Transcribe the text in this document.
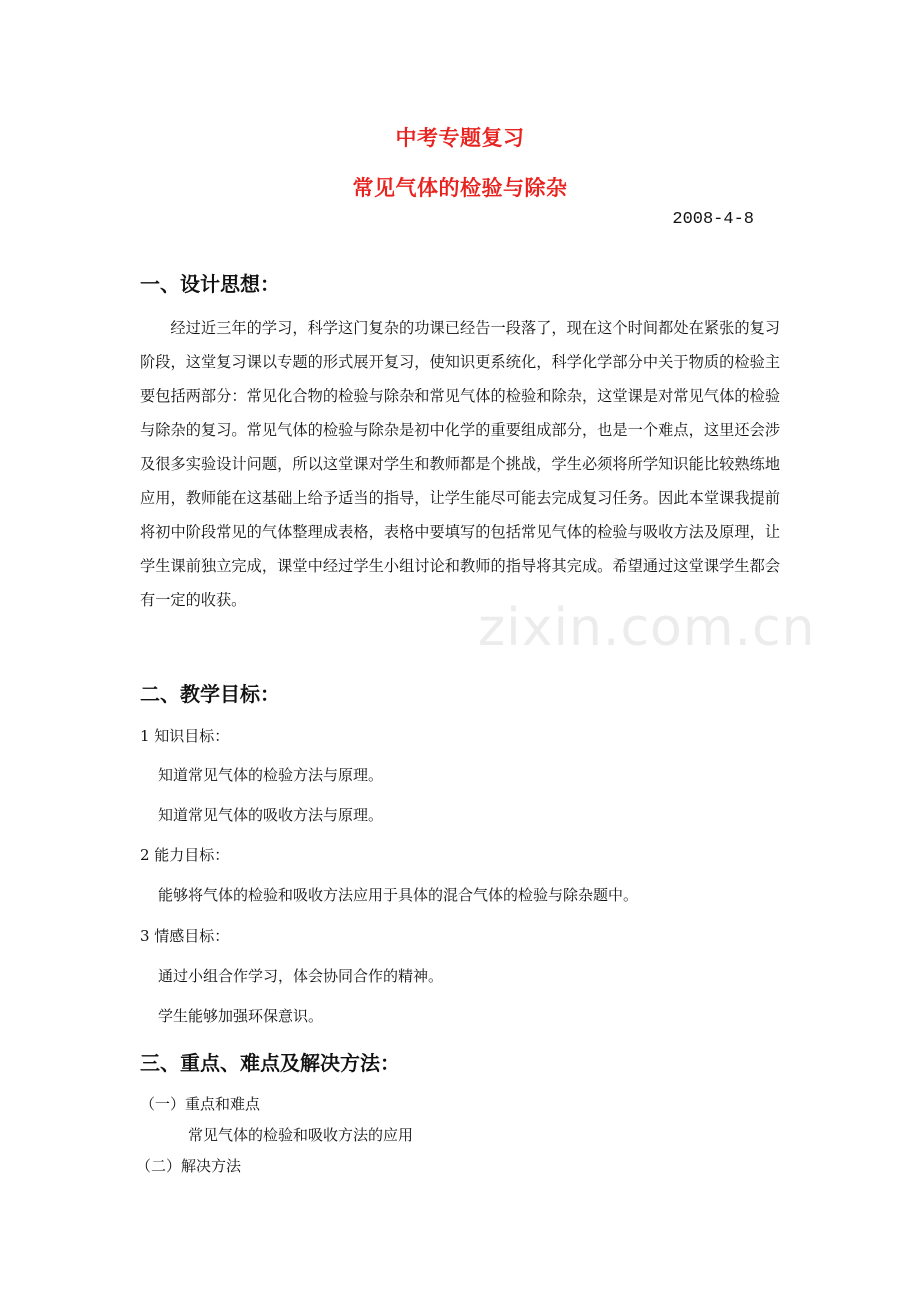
中考专题复习
常见气体的检验与除杂
2008-4-8
一、设计思想：

经过近三年的学习，科学这门复杂的功课已经告一段落了，现在这个时间都处在紧张的复习阶段，这堂复习课以专题的形式展开复习，使知识更系统化，科学化学部分中关于物质的检验主要包括两部分：常见化合物的检验与除杂和常见气体的检验和除杂，这堂课是对常见气体的检验与除杂的复习。常见气体的检验与除杂是初中化学的重要组成部分，也是一个难点，这里还会涉及很多实验设计问题，所以这堂课对学生和教师都是个挑战，学生必须将所学知识能比较熟练地应用，教师能在这基础上给予适当的指导，让学生能尽可能去完成复习任务。因此本堂课我提前将初中阶段常见的气体整理成表格，表格中要填写的包括常见气体的检验与吸收方法及原理，让学生课前独立完成，课堂中经过学生小组讨论和教师的指导将其完成。希望通过这堂课学生都会有一定的收获。

二、教学目标：
1 知识目标：
知道常见气体的检验方法与原理。
知道常见气体的吸收方法与原理。
2 能力目标：
能够将气体的检验和吸收方法应用于具体的混合气体的检验与除杂题中。
3 情感目标：
通过小组合作学习，体会协同合作的精神。
学生能够加强环保意识。
三、重点、难点及解决方法：
（一）重点和难点
常见气体的检验和吸收方法的应用
（二）解决方法
zixin.com.cn
